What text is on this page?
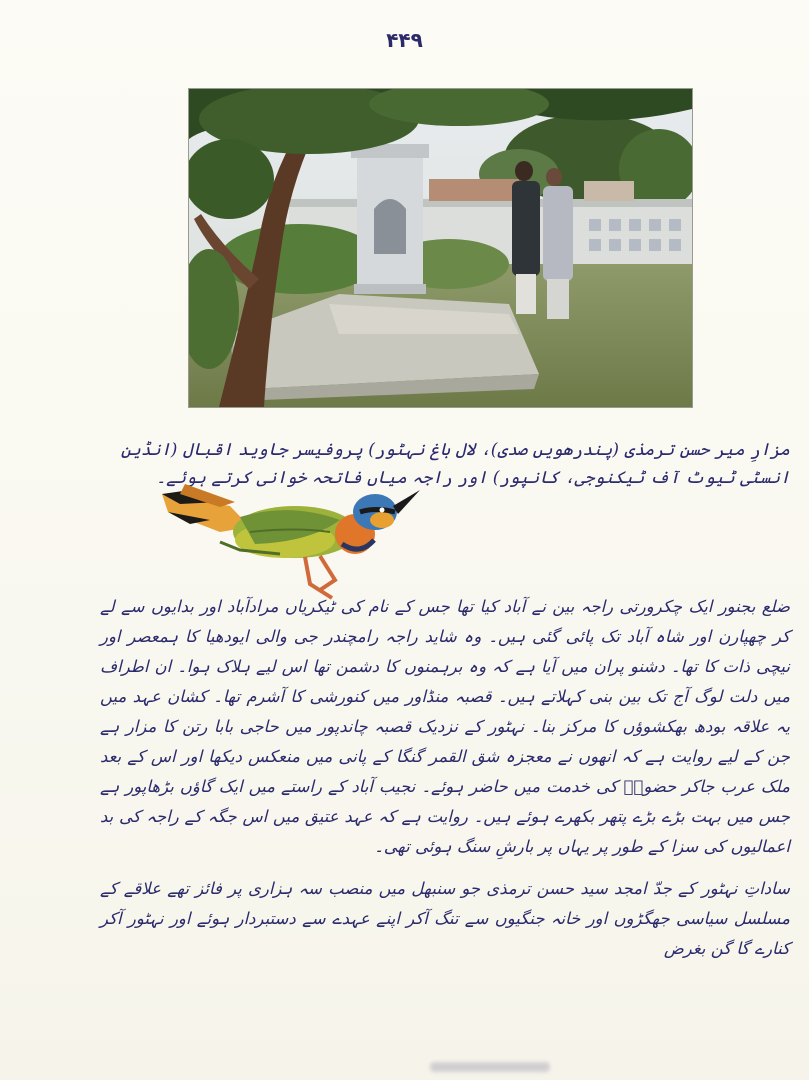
۴۴۹
مزارِ میر حسن ترمذی (پندرھویں صدی)، لال باغ نہٹور) پروفیسر جاوید اقبال (انڈین انسٹی ٹیوٹ آف ٹیکنوجی، کانپور) اور راجہ میاں فاتحہ خوانی کرتے ہوئے۔

ضلع بجنور ایک چکرورتی راجہ بین نے آباد کیا تھا جس کے نام کی ٹیکریاں مرادآباد اور بدایوں سے لے کر چھپارن اور شاہ آباد تک پائی گئی ہیں۔ وہ شاید راجہ رامچندر جی والی ایودھیا کا ہمعصر اور نیچی ذات کا تھا۔ دشنو پران میں آیا ہے کہ وہ برہمنوں کا دشمن تھا اس لیے ہلاک ہوا۔ ان اطراف میں دلت لوگ آج تک بین بنی کہلاتے ہیں۔ قصبہ منڈاور میں کنورشی کا آشرم تھا۔ کشان عہد میں یہ علاقہ بودھ بھکشوؤں کا مرکز بنا۔ نہٹور کے نزدیک قصبہ چاندپور میں حاجی بابا رتن کا مزار ہے جن کے لیے روایت ہے کہ انھوں نے معجزہ شق القمر گنگا کے پانی میں منعکس دیکھا اور اس کے بعد ملک عرب جاکر حضورؐ کی خدمت میں حاضر ہوئے۔ نجیب آباد کے راستے میں ایک گاؤں بڑھاپور ہے جس میں بہت بڑے بڑے پتھر بکھرے ہوئے ہیں۔ روایت ہے کہ عہد عتیق میں اس جگہ کے راجہ کی بد اعمالیوں کی سزا کے طور پر یہاں پر بارشِ سنگ ہوئی تھی۔

ساداتِ نہٹور کے جدّ امجد سید حسن ترمذی جو سنبھل میں منصب سہ ہزاری پر فائز تھے علاقے کے مسلسل سیاسی جھگڑوں اور خانہ جنگیوں سے تنگ آکر اپنے عہدے سے دستبردار ہوئے اور نہٹور آکر کنارے گا گن بغرض
